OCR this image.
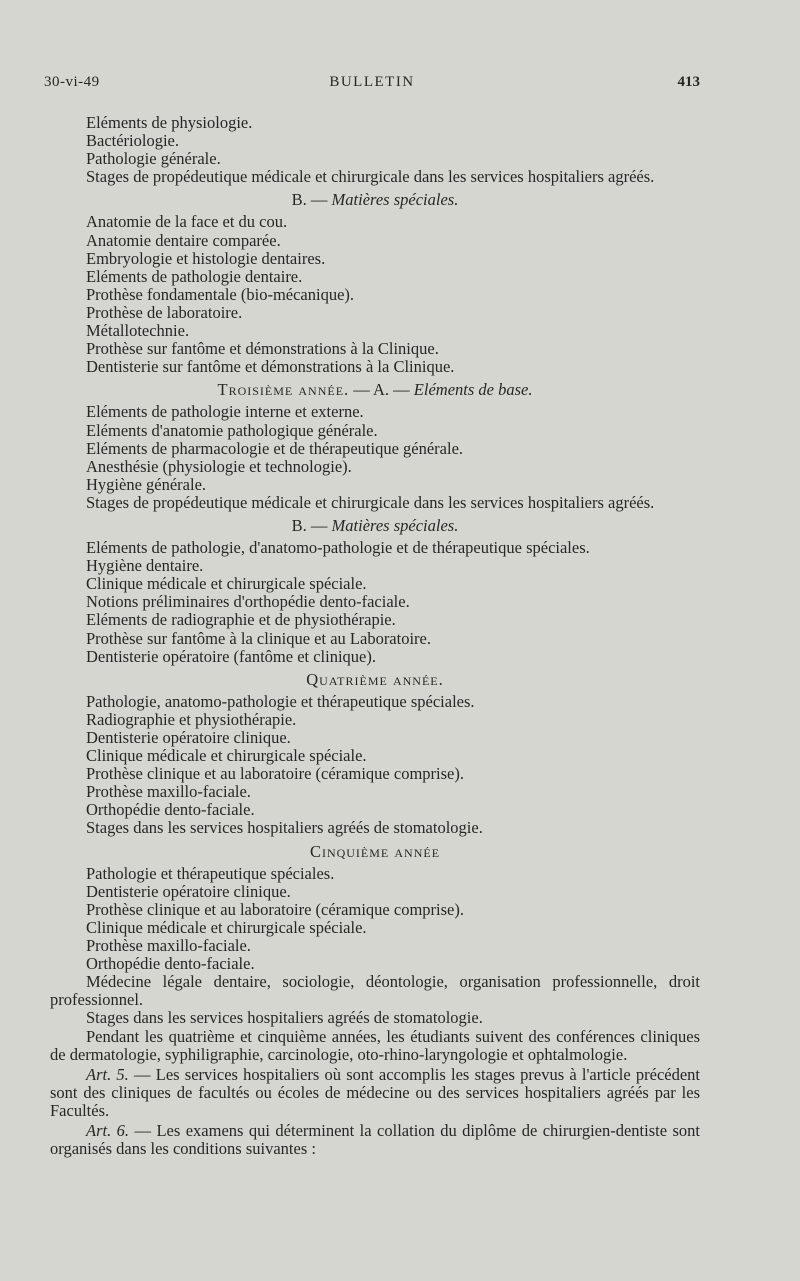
30-vi-49	BULLETIN	413
Eléments de physiologie.
Bactériologie.
Pathologie générale.
Stages de propédeutique médicale et chirurgicale dans les services hospitaliers agréés.
B. — Matières spéciales.
Anatomie de la face et du cou.
Anatomie dentaire comparée.
Embryologie et histologie dentaires.
Eléments de pathologie dentaire.
Prothèse fondamentale (bio-mécanique).
Prothèse de laboratoire.
Métallotechnie.
Prothèse sur fantôme et démonstrations à la Clinique.
Dentisterie sur fantôme et démonstrations à la Clinique.
Troisième année. — A. — Eléments de base.
Eléments de pathologie interne et externe.
Eléments d'anatomie pathologique générale.
Eléments de pharmacologie et de thérapeutique générale.
Anesthésie (physiologie et technologie).
Hygiène générale.
Stages de propédeutique médicale et chirurgicale dans les services hospitaliers agréés.
B. — Matières spéciales.
Eléments de pathologie, d'anatomo-pathologie et de thérapeutique spéciales.
Hygiène dentaire.
Clinique médicale et chirurgicale spéciale.
Notions préliminaires d'orthopédie dento-faciale.
Eléments de radiographie et de physiothérapie.
Prothèse sur fantôme à la clinique et au Laboratoire.
Dentisterie opératoire (fantôme et clinique).
Quatrième année.
Pathologie, anatomo-pathologie et thérapeutique spéciales.
Radiographie et physiothérapie.
Dentisterie opératoire clinique.
Clinique médicale et chirurgicale spéciale.
Prothèse clinique et au laboratoire (céramique comprise).
Prothèse maxillo-faciale.
Orthopédie dento-faciale.
Stages dans les services hospitaliers agréés de stomatologie.
Cinquième année
Pathologie et thérapeutique spéciales.
Dentisterie opératoire clinique.
Prothèse clinique et au laboratoire (céramique comprise).
Clinique médicale et chirurgicale spéciale.
Prothèse maxillo-faciale.
Orthopédie dento-faciale.
Médecine légale dentaire, sociologie, déontologie, organisation professionnelle, droit professionnel.
Stages dans les services hospitaliers agréés de stomatologie.
Pendant les quatrième et cinquième années, les étudiants suivent des conférences cliniques de dermatologie, syphiligraphie, carcinologie, oto-rhino-laryngologie et ophtalmologie.
Art. 5. — Les services hospitaliers où sont accomplis les stages prevus à l'article précédent sont des cliniques de facultés ou écoles de médecine ou des services hospitaliers agréés par les Facultés.
Art. 6. — Les examens qui déterminent la collation du diplôme de chirurgien-dentiste sont organisés dans les conditions suivantes :
